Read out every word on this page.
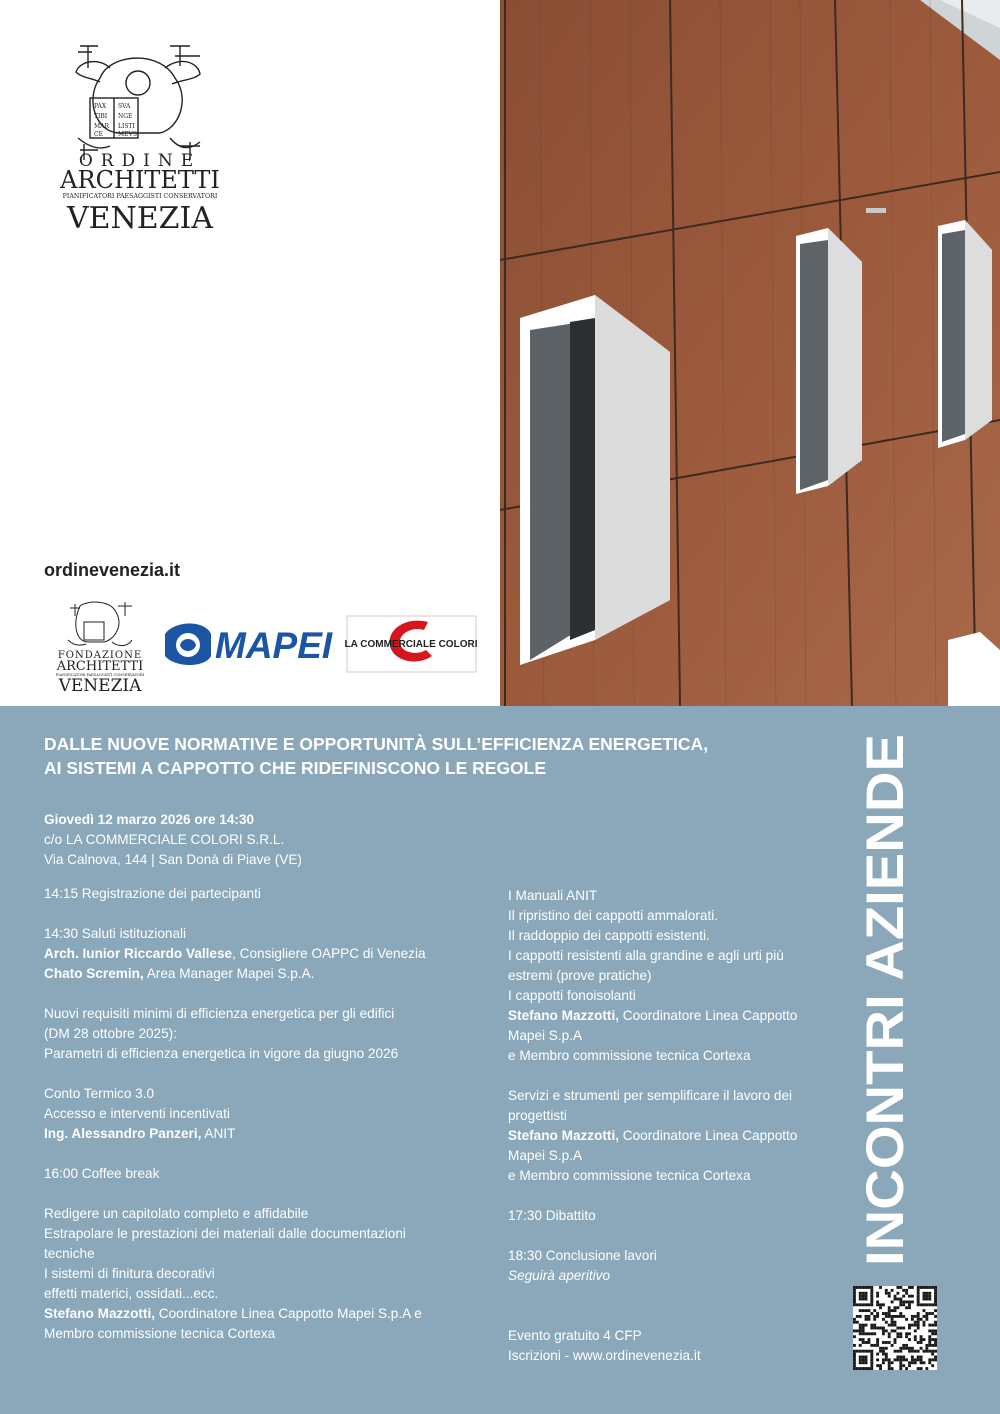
PAX SVA
TIBI NGE
MAR LISTI
CE	MEVS
ORDINE
ARCHITETTI
PIANIFICATORI PAESAGGISTI CONSERVATORI
VENEZIA
ordinevenezia.it
FONDAZIONE
ARCHITETTI
PIANIFICATORI PAESAGGISTI CONSERVATORI
VENEZIA
MAPEI LA COMMERCIALE COLORI
DALLE NUOVE NORMATIVE E OPPORTUNITÀ SULL’EFFICIENZA ENERGETICA,
AI SISTEMI A CAPPOTTO CHE RIDEFINISCONO LE REGOLE

Giovedì 12 marzo 2026 ore 14:30

c/o LA COMMERCIALE COLORI S.R.L.

Via Calnova, 144 | San Donà di Piave (VE)

14:15 Registrazione dei partecipanti

14:30 Saluti istituzionali

Arch. Iunior Riccardo Vallese, Consigliere OAPPC di Venezia

Chato Scremin, Area Manager Mapei S.p.A.

Nuovi requisiti minimi di efficienza energetica per gli edifici

(DM 28 ottobre 2025):

Parametri di efficienza energetica in vigore da giugno 2026

Conto Termico 3.0

Accesso e interventi incentivati

Ing. Alessandro Panzeri, ANIT

16:00 Coffee break

Redigere un capitolato completo e affidabile

Estrapolare le prestazioni dei materiali dalle documentazioni

tecniche

I sistemi di finitura decorativi

effetti materici, ossidati...ecc.

Stefano Mazzotti, Coordinatore Linea Cappotto Mapei S.p.A e

Membro commissione tecnica Cortexa

I Manuali ANIT

Il ripristino dei cappotti ammalorati.

Il raddoppio dei cappotti esistenti.

I cappotti resistenti alla grandine e agli urti più

estremi (prove pratiche)

I cappotti fonoisolanti

Stefano Mazzotti, Coordinatore Linea Cappotto

Mapei S.p.A

e Membro commissione tecnica Cortexa

Servizi e strumenti per semplificare il lavoro dei

progettisti

Stefano Mazzotti, Coordinatore Linea Cappotto

Mapei S.p.A

e Membro commissione tecnica Cortexa

17:30 Dibattito

18:30 Conclusione lavori

Seguirà aperitivo

Evento gratuito 4 CFP

Iscrizioni - www.ordinevenezia.it

INCONTRI AZIENDE
